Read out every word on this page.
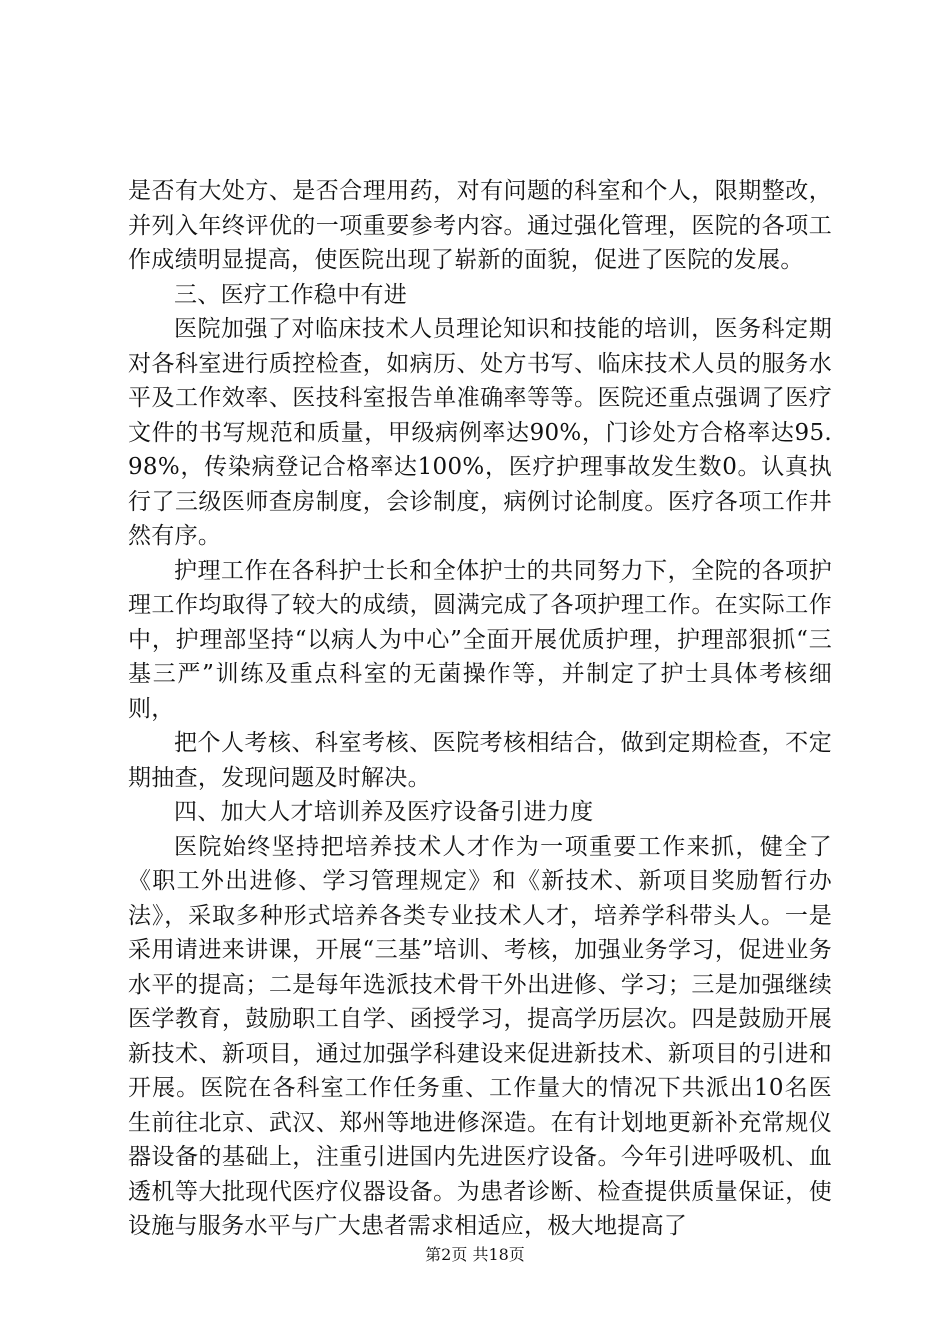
是否有大处方、是否合理用药，对有问题的科室和个人，限期整改，并列入年终评优的一项重要参考内容。通过强化管理，医院的各项工作成绩明显提高，使医院出现了崭新的面貌，促进了医院的发展。

三、医疗工作稳中有进

医院加强了对临床技术人员理论知识和技能的培训，医务科定期对各科室进行质控检查，如病历、处方书写、临床技术人员的服务水平及工作效率、医技科室报告单准确率等等。医院还重点强调了医疗文件的书写规范和质量，甲级病例率达90%，门诊处方合格率达95.98%，传染病登记合格率达100%，医疗护理事故发生数0。认真执行了三级医师查房制度，会诊制度，病例讨论制度。医疗各项工作井然有序。

护理工作在各科护士长和全体护士的共同努力下，全院的各项护理工作均取得了较大的成绩，圆满完成了各项护理工作。在实际工作中，护理部坚持“以病人为中心”全面开展优质护理，护理部狠抓“三基三严”训练及重点科室的无菌操作等，并制定了护士具体考核细则，

把个人考核、科室考核、医院考核相结合，做到定期检查，不定期抽查，发现问题及时解决。

四、加大人才培训养及医疗设备引进力度

医院始终坚持把培养技术人才作为一项重要工作来抓，健全了《职工外出进修、学习管理规定》和《新技术、新项目奖励暂行办法》，采取多种形式培养各类专业技术人才，培养学科带头人。一是采用请进来讲课，开展“三基”培训、考核，加强业务学习，促进业务水平的提高；二是每年选派技术骨干外出进修、学习；三是加强继续医学教育，鼓励职工自学、函授学习，提高学历层次。四是鼓励开展新技术、新项目，通过加强学科建设来促进新技术、新项目的引进和开展。医院在各科室工作任务重、工作量大的情况下共派出10名医生前往北京、武汉、郑州等地进修深造。在有计划地更新补充常规仪器设备的基础上，注重引进国内先进医疗设备。今年引进呼吸机、血透机等大批现代医疗仪器设备。为患者诊断、检查提供质量保证，使设施与服务水平与广大患者需求相适应，极大地提高了

第2页 共18页
